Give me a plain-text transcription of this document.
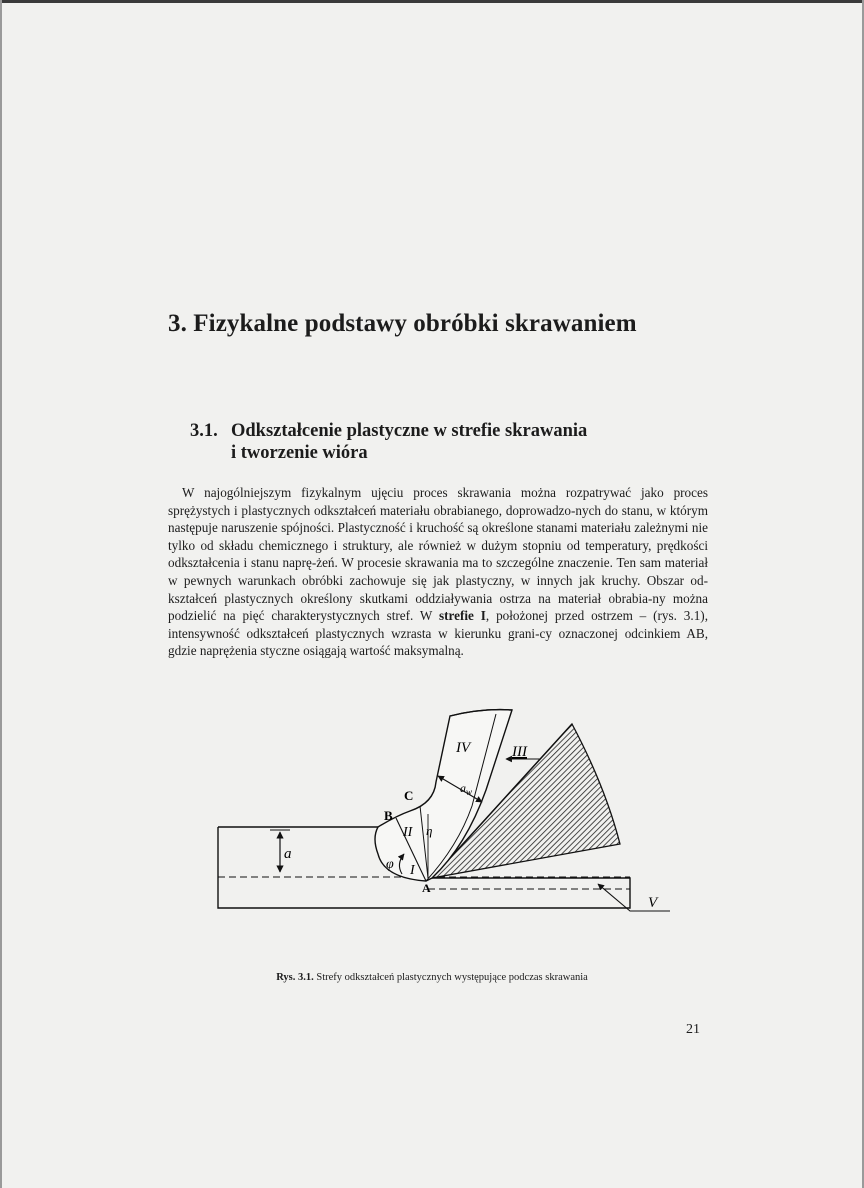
3. Fizykalne podstawy obróbki skrawaniem
3.1. Odkształcenie plastyczne w strefie skrawania
i tworzenie wióra

W najogólniejszym fizykalnym ujęciu proces skrawania można rozpatrywać jako proces sprężystych i plastycznych odkształceń materiału obrabianego, doprowadzo-nych do stanu, w którym następuje naruszenie spójności. Plastyczność i kruchość są określone stanami materiału zależnymi nie tylko od składu chemicznego i struktury, ale również w dużym stopniu od temperatury, prędkości odkształcenia i stanu naprę-żeń. W procesie skrawania ma to szczególne znaczenie. Ten sam materiał w pewnych warunkach obróbki zachowuje się jak plastyczny, w innych jak kruchy. Obszar od-kształceń plastycznych określony skutkami oddziaływania ostrza na materiał obrabia-ny można podzielić na pięć charakterystycznych stref. W strefie I, położonej przed ostrzem – (rys. 3.1), intensywność odkształceń plastycznych wzrasta w kierunku grani-cy oznaczonej odcinkiem AB, gdzie naprężenia styczne osiągają wartość maksymalną.

IV	III
$a_w$
C
B
II η
a
φ I
A
V

Rys. 3.1. Strefy odkształceń plastycznych występujące podczas skrawania

21
